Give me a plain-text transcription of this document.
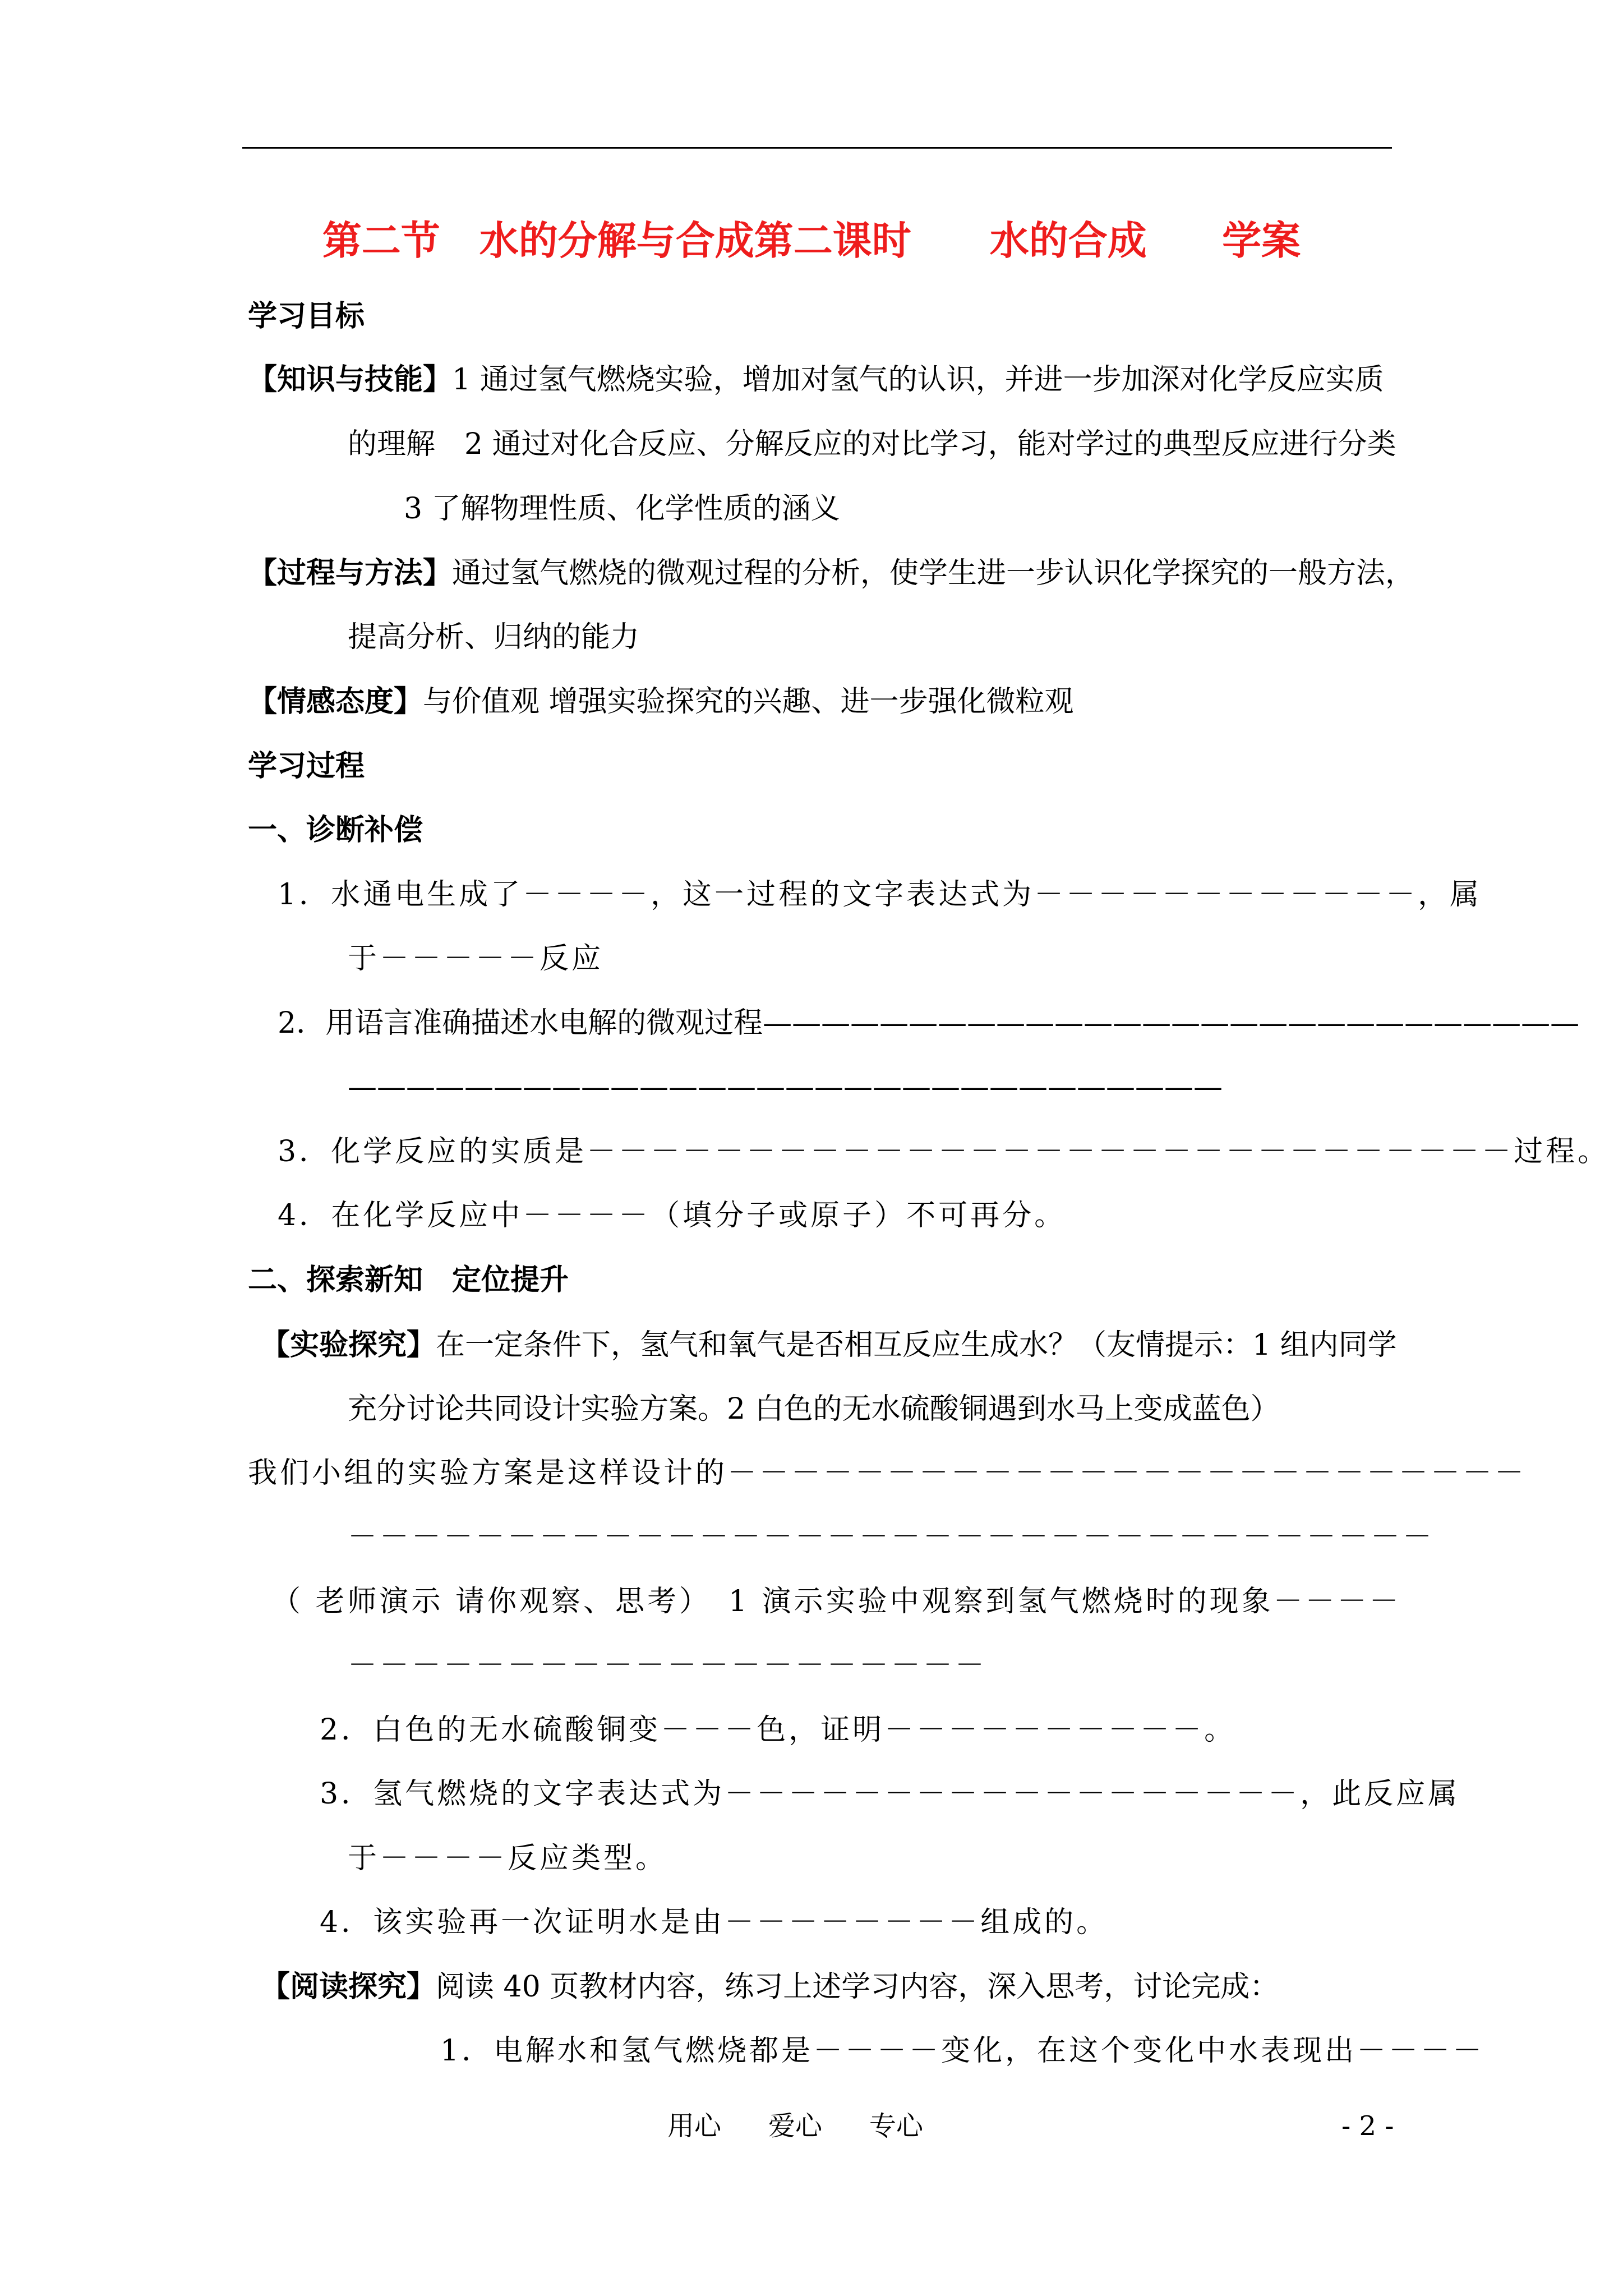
第二节　水的分解与合成第二课时　　水的合成　 学案
学习目标
【知识与技能】1 通过氢气燃烧实验，增加对氢气的认识，并进一步加深对化学反应实质
的理解　2 通过对化合反应、分解反应的对比学习，能对学过的典型反应进行分类
3 了解物理性质、化学性质的涵义
【过程与方法】通过氢气燃烧的微观过程的分析，使学生进一步认识化学探究的一般方法，
提高分析、归纳的能力
【情感态度】与价值观 增强实验探究的兴趣、进一步强化微粒观
学习过程
一、诊断补偿
1．水通电生成了－－－－，这一过程的文字表达式为－－－－－－－－－－－－，属
于－－－－－反应
2．用语言准确描述水电解的微观过程————————————————————————————
——————————————————————————————
3．化学反应的实质是－－－－－－－－－－－－－－－－－－－－－－－－－－－－－过程。
4．在化学反应中－－－－（填分子或原子）不可再分。
二、探索新知　定位提升
【实验探究】在一定条件下，氢气和氧气是否相互反应生成水？（友情提示：1 组内同学
充分讨论共同设计实验方案。2 白色的无水硫酸铜遇到水马上变成蓝色）
我们小组的实验方案是这样设计的－－－－－－－－－－－－－－－－－－－－－－－－－
－－－－－－－－－－－－－－－－－－－－－－－－－－－－－－－－－－
（ 老师演示 请你观察、思考）　1 演示实验中观察到氢气燃烧时的现象－－－－
－－－－－－－－－－－－－－－－－－－－
2．白色的无水硫酸铜变－－－色，证明－－－－－－－－－－。
3．氢气燃烧的文字表达式为－－－－－－－－－－－－－－－－－－，此反应属
于－－－－反应类型。
4．该实验再一次证明水是由－－－－－－－－组成的。
【阅读探究】阅读 40 页教材内容，练习上述学习内容，深入思考，讨论完成：
1．电解水和氢气燃烧都是－－－－变化，在这个变化中水表现出－－－－
用心 爱心 专心	- 2 -
